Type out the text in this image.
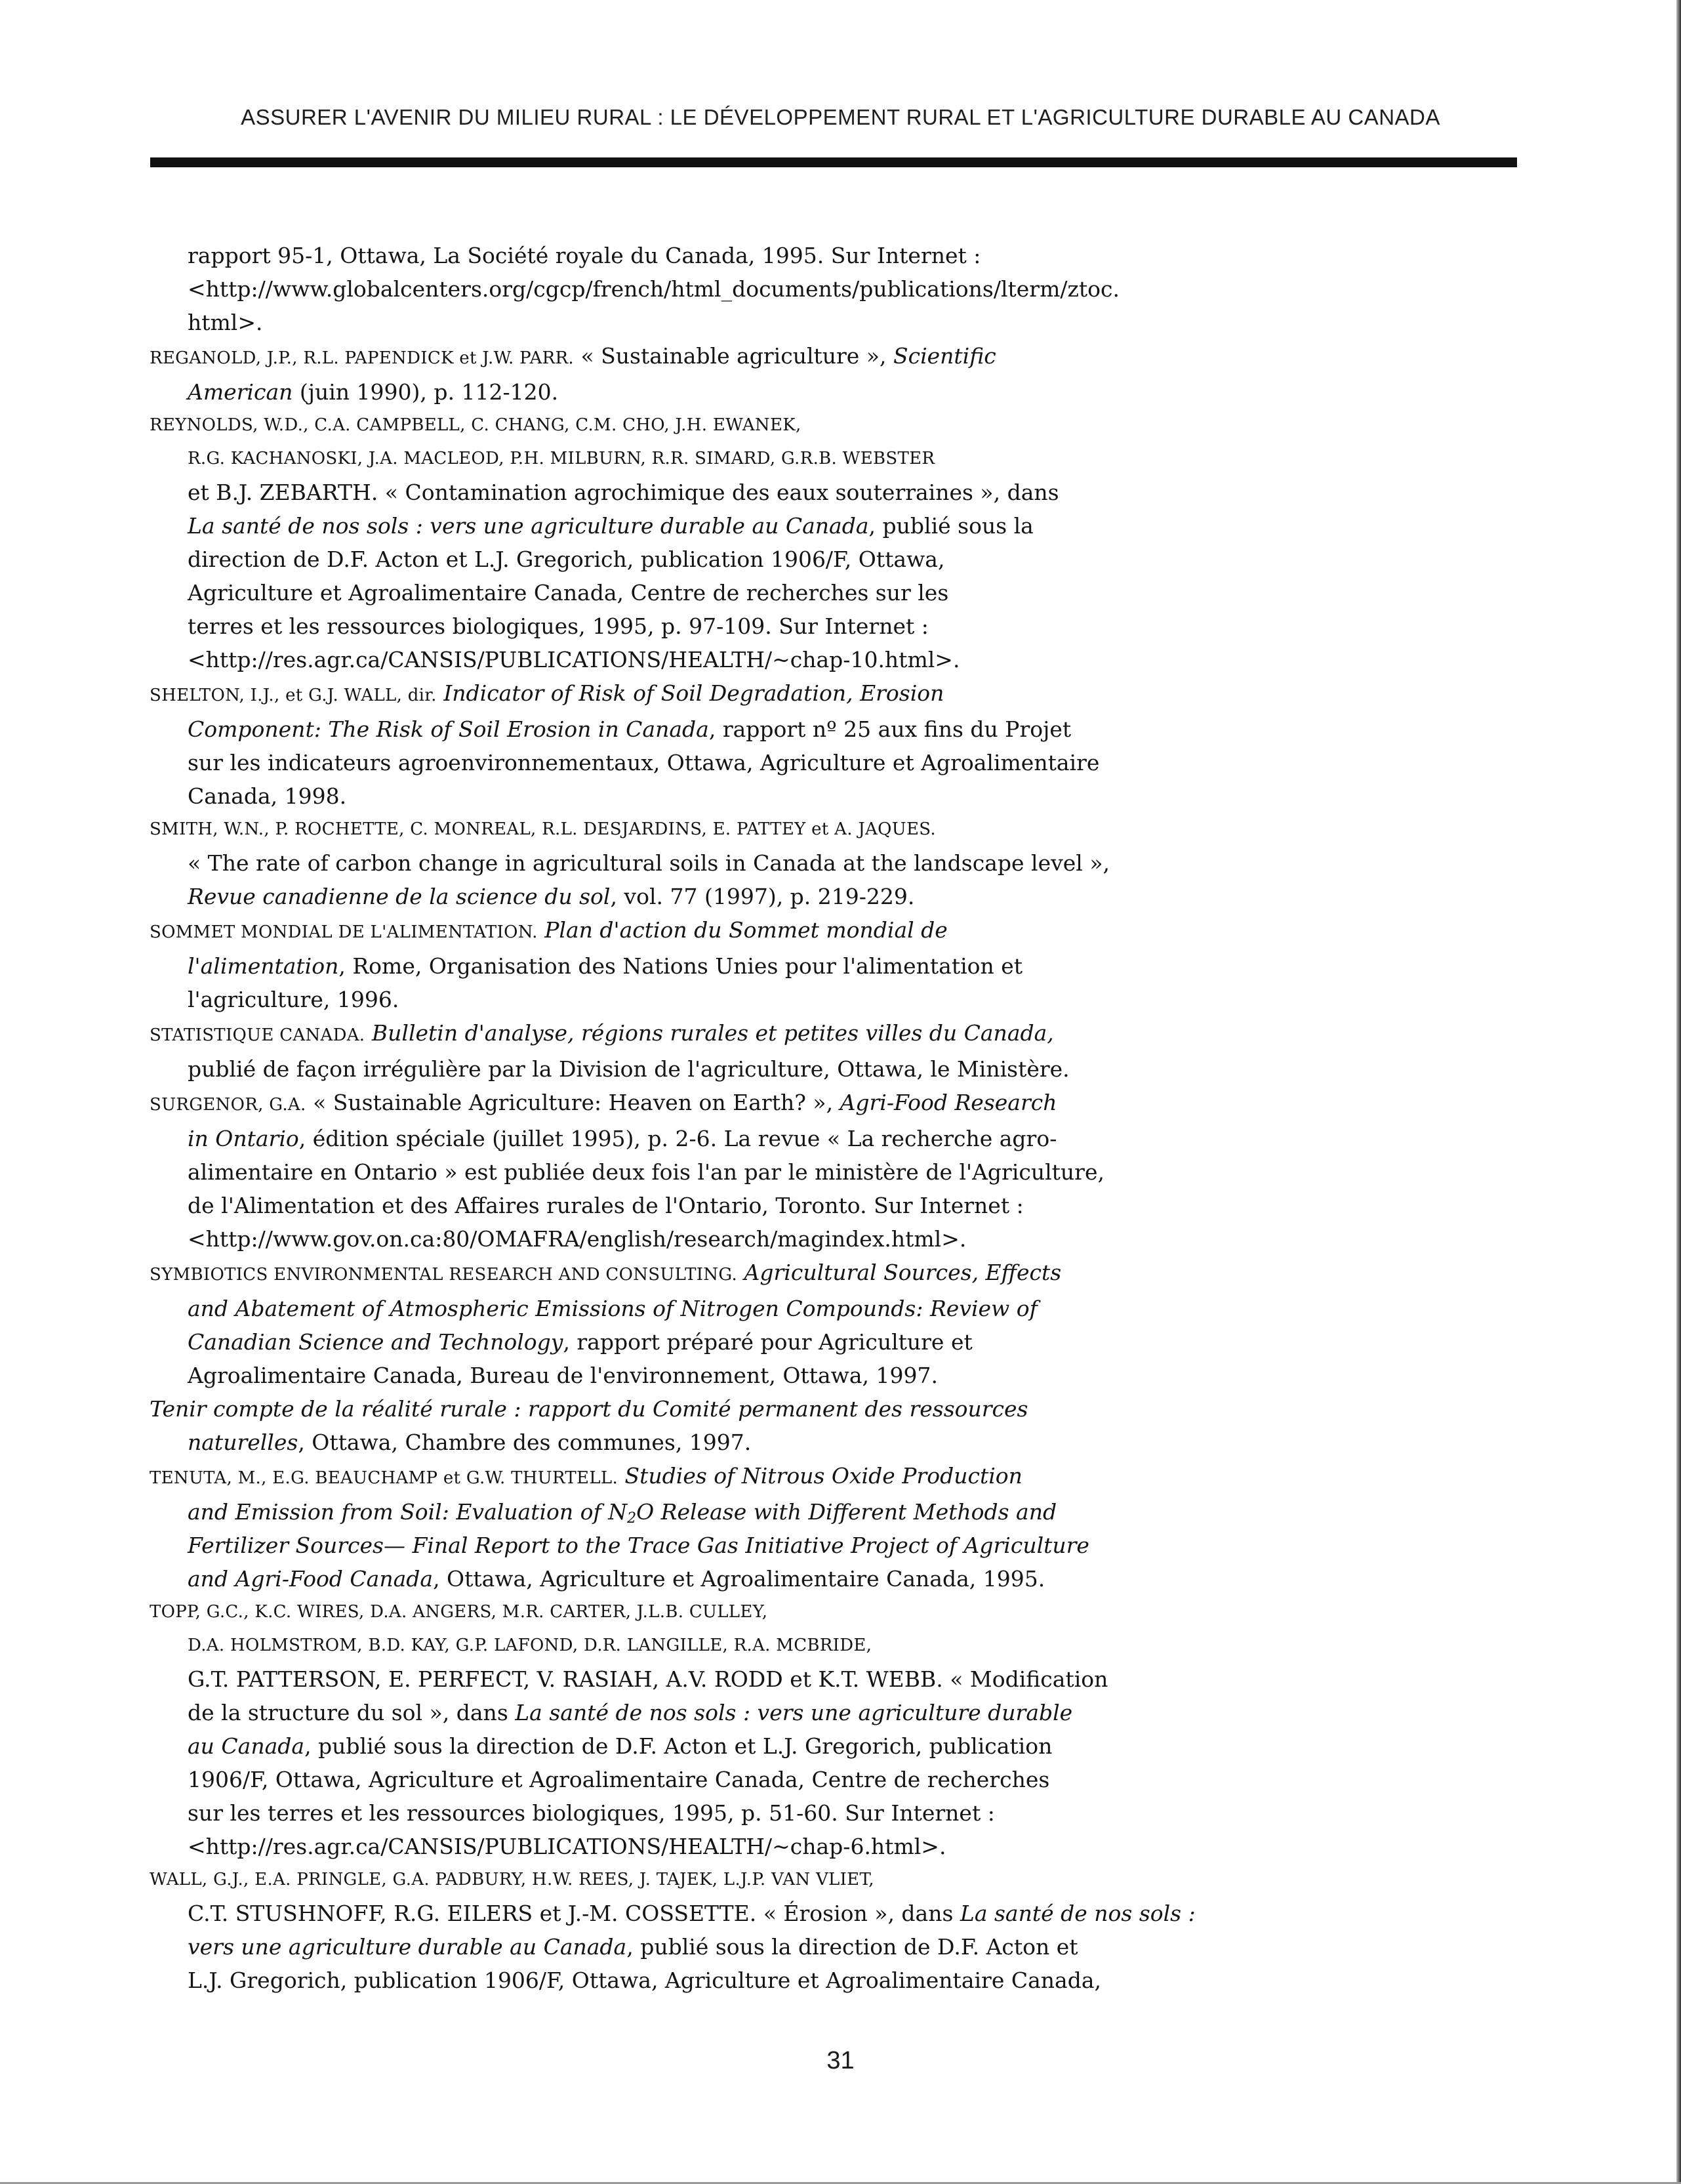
ASSURER L'AVENIR DU MILIEU RURAL : LE DÉVELOPPEMENT RURAL ET L'AGRICULTURE DURABLE AU CANADA
rapport 95-1, Ottawa, La Société royale du Canada, 1995. Sur Internet :
<http://www.globalcenters.org/cgcp/french/html_documents/publications/lterm/ztoc.
html>.
REGANOLD, J.P., R.L. PAPENDICK et J.W. PARR. « Sustainable agriculture », Scientific
American (juin 1990), p. 112-120.
REYNOLDS, W.D., C.A. CAMPBELL, C. CHANG, C.M. CHO, J.H. EWANEK,
R.G. KACHANOSKI, J.A. MACLEOD, P.H. MILBURN, R.R. SIMARD, G.R.B. WEBSTER
et B.J. ZEBARTH. « Contamination agrochimique des eaux souterraines », dans
La santé de nos sols : vers une agriculture durable au Canada, publié sous la
direction de D.F. Acton et L.J. Gregorich, publication 1906/F, Ottawa,
Agriculture et Agroalimentaire Canada, Centre de recherches sur les
terres et les ressources biologiques, 1995, p. 97-109. Sur Internet :
<http://res.agr.ca/CANSIS/PUBLICATIONS/HEALTH/~chap-10.html>.
SHELTON, I.J., et G.J. WALL, dir. Indicator of Risk of Soil Degradation, Erosion
Component: The Risk of Soil Erosion in Canada, rapport nº 25 aux fins du Projet
sur les indicateurs agroenvironnementaux, Ottawa, Agriculture et Agroalimentaire
Canada, 1998.
SMITH, W.N., P. ROCHETTE, C. MONREAL, R.L. DESJARDINS, E. PATTEY et A. JAQUES.
« The rate of carbon change in agricultural soils in Canada at the landscape level »,
Revue canadienne de la science du sol, vol. 77 (1997), p. 219-229.
SOMMET MONDIAL DE L'ALIMENTATION. Plan d'action du Sommet mondial de
l'alimentation, Rome, Organisation des Nations Unies pour l'alimentation et
l'agriculture, 1996.
STATISTIQUE CANADA. Bulletin d'analyse, régions rurales et petites villes du Canada,
publié de façon irrégulière par la Division de l'agriculture, Ottawa, le Ministère.
SURGENOR, G.A. « Sustainable Agriculture: Heaven on Earth? », Agri-Food Research
in Ontario, édition spéciale (juillet 1995), p. 2-6. La revue « La recherche agro-
alimentaire en Ontario » est publiée deux fois l'an par le ministère de l'Agriculture,
de l'Alimentation et des Affaires rurales de l'Ontario, Toronto. Sur Internet :
<http://www.gov.on.ca:80/OMAFRA/english/research/magindex.html>.
SYMBIOTICS ENVIRONMENTAL RESEARCH AND CONSULTING. Agricultural Sources, Effects
and Abatement of Atmospheric Emissions of Nitrogen Compounds: Review of
Canadian Science and Technology, rapport préparé pour Agriculture et
Agroalimentaire Canada, Bureau de l'environnement, Ottawa, 1997.
Tenir compte de la réalité rurale : rapport du Comité permanent des ressources
naturelles, Ottawa, Chambre des communes, 1997.
TENUTA, M., E.G. BEAUCHAMP et G.W. THURTELL. Studies of Nitrous Oxide Production
and Emission from Soil: Evaluation of $N_2O$ Release with Different Methods and
Fertilizer Sources— Final Report to the Trace Gas Initiative Project of Agriculture
and Agri-Food Canada, Ottawa, Agriculture et Agroalimentaire Canada, 1995.
TOPP, G.C., K.C. WIRES, D.A. ANGERS, M.R. CARTER, J.L.B. CULLEY,
D.A. HOLMSTROM, B.D. KAY, G.P. LAFOND, D.R. LANGILLE, R.A. MCBRIDE,
G.T. PATTERSON, E. PERFECT, V. RASIAH, A.V. RODD et K.T. WEBB. « Modification
de la structure du sol », dans La santé de nos sols : vers une agriculture durable
au Canada, publié sous la direction de D.F. Acton et L.J. Gregorich, publication
1906/F, Ottawa, Agriculture et Agroalimentaire Canada, Centre de recherches
sur les terres et les ressources biologiques, 1995, p. 51-60. Sur Internet :
<http://res.agr.ca/CANSIS/PUBLICATIONS/HEALTH/~chap-6.html>.
WALL, G.J., E.A. PRINGLE, G.A. PADBURY, H.W. REES, J. TAJEK, L.J.P. VAN VLIET,
C.T. STUSHNOFF, R.G. EILERS et J.-M. COSSETTE. « Érosion », dans La santé de nos sols :
vers une agriculture durable au Canada, publié sous la direction de D.F. Acton et
L.J. Gregorich, publication 1906/F, Ottawa, Agriculture et Agroalimentaire Canada,
31
